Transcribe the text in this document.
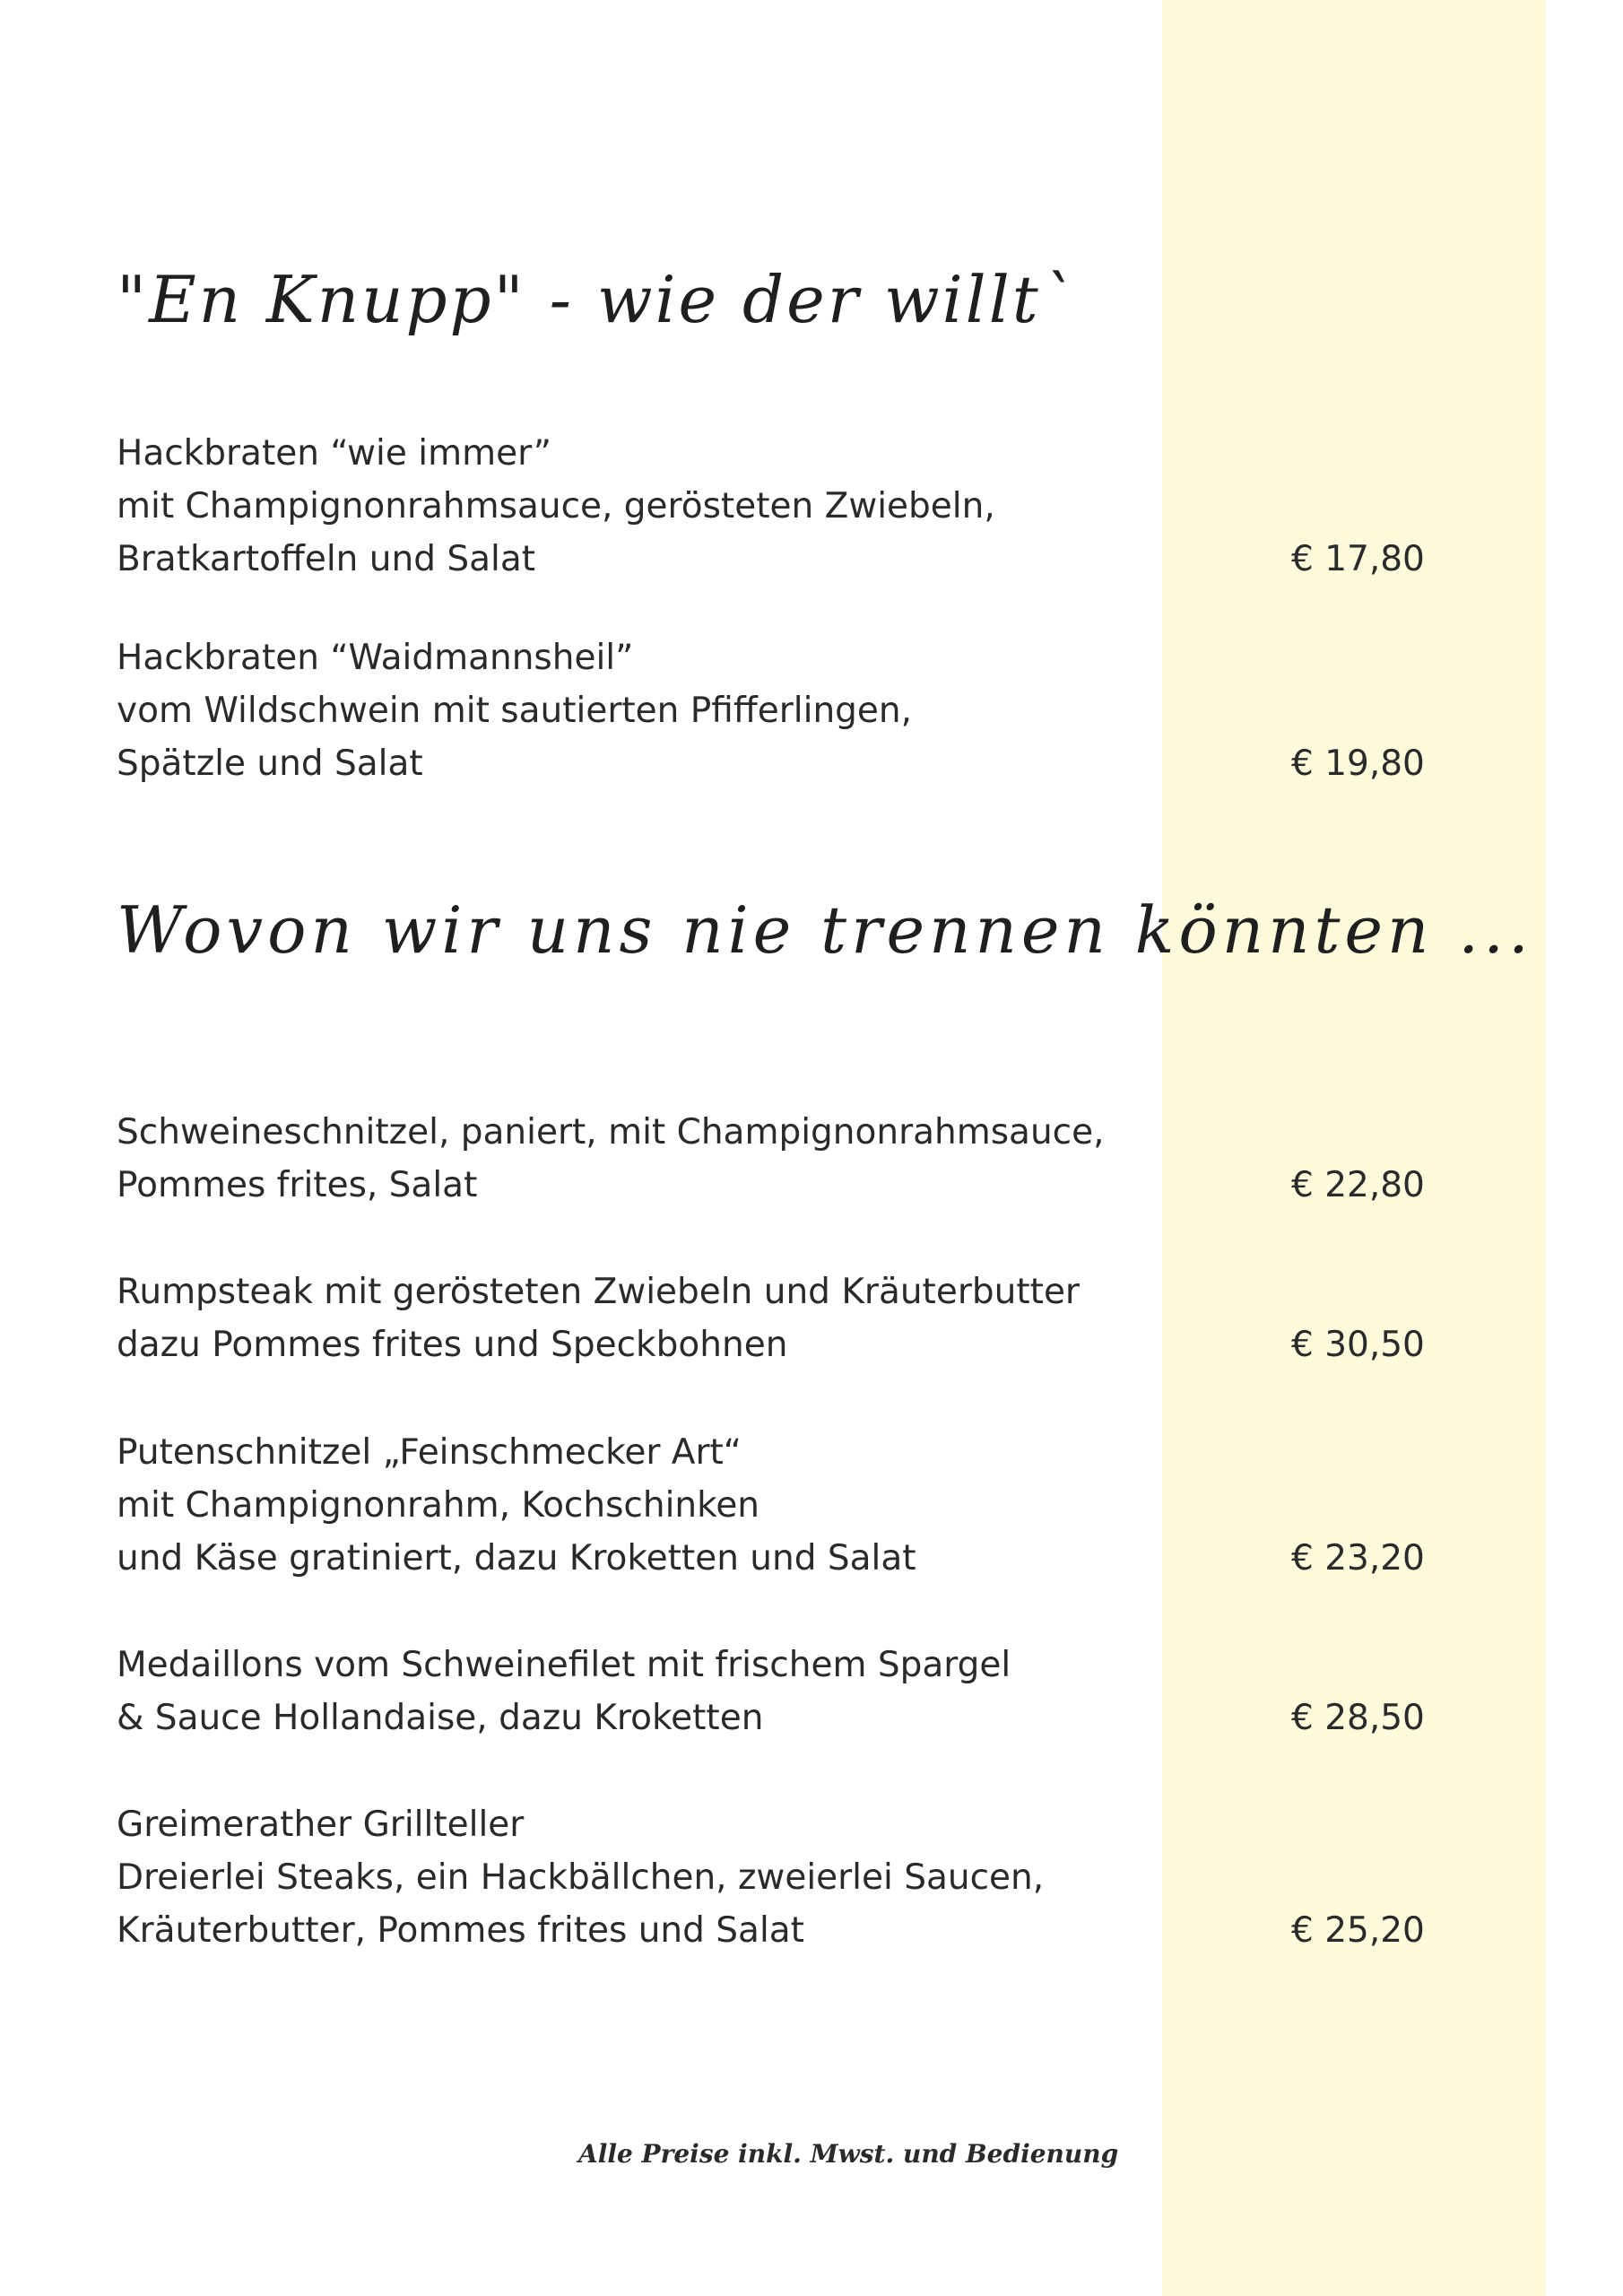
"En Knupp" - wie der willt`
Hackbraten “wie immer”
mit Champignonrahmsauce, gerösteten Zwiebeln,
Bratkartoffeln und Salat	€ 17,80
Hackbraten “Waidmannsheil”
vom Wildschwein mit sautierten Pfifferlingen,
Spätzle und Salat	€ 19,80
Wovon wir uns nie trennen könnten ...
Schweineschnitzel, paniert, mit Champignonrahmsauce,
Pommes frites, Salat	€ 22,80
Rumpsteak mit gerösteten Zwiebeln und Kräuterbutter
dazu Pommes frites und Speckbohnen	€ 30,50
Putenschnitzel „Feinschmecker Art“
mit Champignonrahm, Kochschinken
und Käse gratiniert, dazu Kroketten und Salat	€ 23,20
Medaillons vom Schweinefilet mit frischem Spargel
& Sauce Hollandaise, dazu Kroketten	€ 28,50
Greimerather Grillteller
Dreierlei Steaks, ein Hackbällchen, zweierlei Saucen,
Kräuterbutter, Pommes frites und Salat	€ 25,20
Alle Preise inkl. Mwst. und Bedienung
